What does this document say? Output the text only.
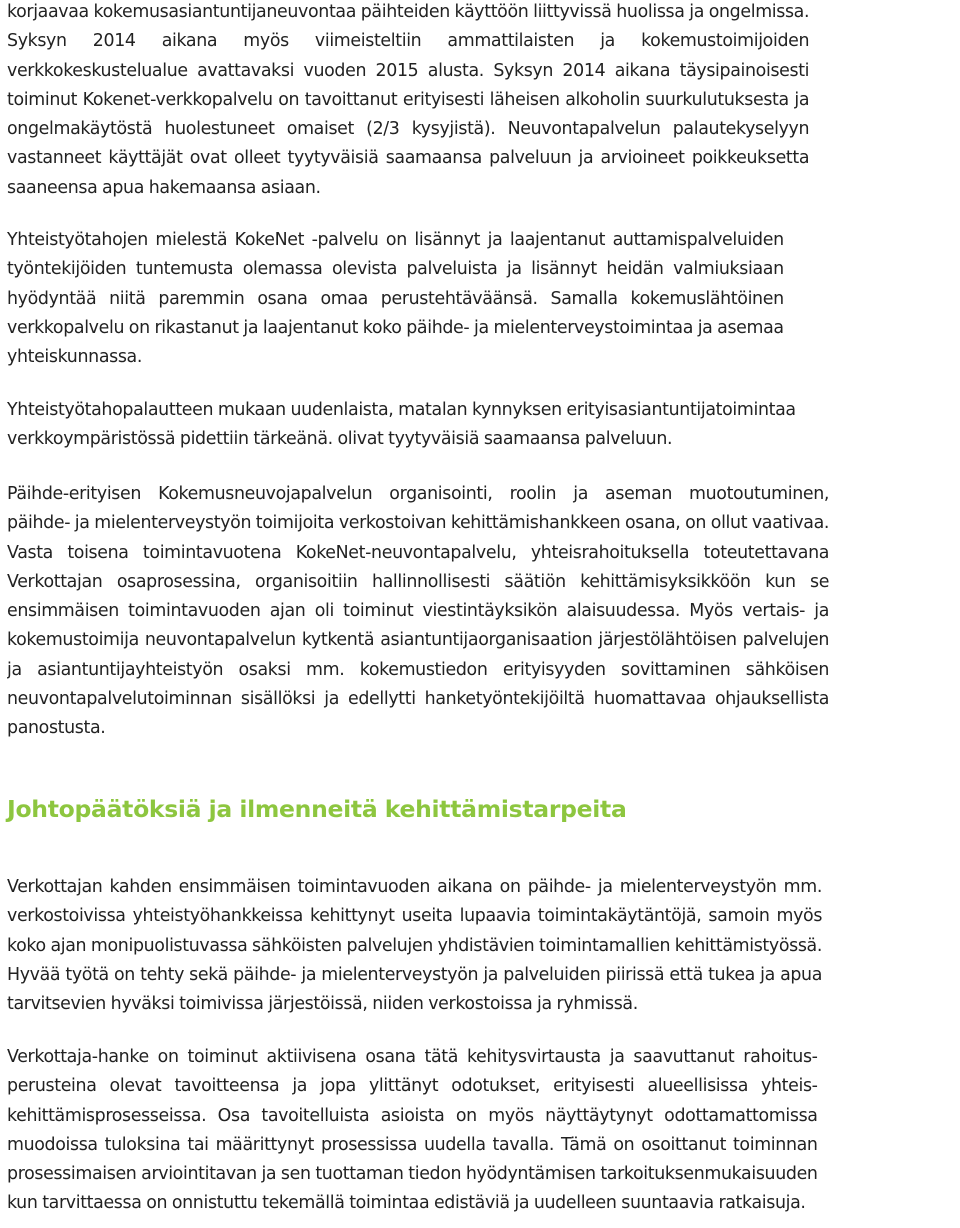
korjaavaa kokemusasiantuntijaneuvontaa päihteiden käyttöön liittyvissä huolissa ja ongelmissa.
Syksyn 2014 aikana myös viimeisteltiin ammattilaisten ja kokemustoimijoiden
verkkokeskustelualue avattavaksi vuoden 2015 alusta. Syksyn 2014 aikana täysipainoisesti
toiminut Kokenet-verkkopalvelu on tavoittanut erityisesti läheisen alkoholin suurkulutuksesta ja
ongelmakäytöstä huolestuneet omaiset (2/3 kysyjistä). Neuvontapalvelun palautekyselyyn
vastanneet käyttäjät ovat olleet tyytyväisiä saamaansa palveluun ja arvioineet poikkeuksetta
saaneensa apua hakemaansa asiaan.
Yhteistyötahojen mielestä KokeNet -palvelu on lisännyt ja laajentanut auttamispalveluiden
työntekijöiden tuntemusta olemassa olevista palveluista ja lisännyt heidän valmiuksiaan
hyödyntää niitä paremmin osana omaa perustehtäväänsä. Samalla kokemuslähtöinen
verkkopalvelu on rikastanut ja laajentanut koko päihde- ja mielenterveystoimintaa ja asemaa
yhteiskunnassa.
Yhteistyötahopalautteen mukaan uudenlaista, matalan kynnyksen erityisasiantuntijatoimintaa
verkkoympäristössä pidettiin tärkeänä. olivat tyytyväisiä saamaansa palveluun.
Päihde-erityisen Kokemusneuvojapalvelun organisointi, roolin ja aseman muotoutuminen,
päihde- ja mielenterveystyön toimijoita verkostoivan kehittämishankkeen osana, on ollut vaativaa.
Vasta toisena toimintavuotena KokeNet-neuvontapalvelu, yhteisrahoituksella toteutettavana
Verkottajan osaprosessina, organisoitiin hallinnollisesti säätiön kehittämisyksikköön kun se
ensimmäisen toimintavuoden ajan oli toiminut viestintäyksikön alaisuudessa. Myös vertais- ja
kokemustoimija neuvontapalvelun kytkentä asiantuntijaorganisaation järjestölähtöisen palvelujen
ja asiantuntijayhteistyön osaksi mm. kokemustiedon erityisyyden sovittaminen sähköisen
neuvontapalvelutoiminnan sisällöksi ja edellytti hanketyöntekijöiltä huomattavaa ohjauksellista
panostusta.
Johtopäätöksiä ja ilmenneitä kehittämistarpeita
Verkottajan kahden ensimmäisen toimintavuoden aikana on päihde- ja mielenterveystyön mm.
verkostoivissa yhteistyöhankkeissa kehittynyt useita lupaavia toimintakäytäntöjä, samoin myös
koko ajan monipuolistuvassa sähköisten palvelujen yhdistävien toimintamallien kehittämistyössä.
Hyvää työtä on tehty sekä päihde- ja mielenterveystyön ja palveluiden piirissä että tukea ja apua
tarvitsevien hyväksi toimivissa järjestöissä, niiden verkostoissa ja ryhmissä.
Verkottaja-hanke on toiminut aktiivisena osana tätä kehitysvirtausta ja saavuttanut rahoitus-
perusteina olevat tavoitteensa ja jopa ylittänyt odotukset, erityisesti alueellisissa yhteis-
kehittämisprosesseissa. Osa tavoitelluista asioista on myös näyttäytynyt odottamattomissa
muodoissa tuloksina tai määrittynyt prosessissa uudella tavalla. Tämä on osoittanut toiminnan
prosessimaisen arviointitavan ja sen tuottaman tiedon hyödyntämisen tarkoituksenmukaisuuden
kun tarvittaessa on onnistuttu tekemällä toimintaa edistäviä ja uudelleen suuntaavia ratkaisuja.
